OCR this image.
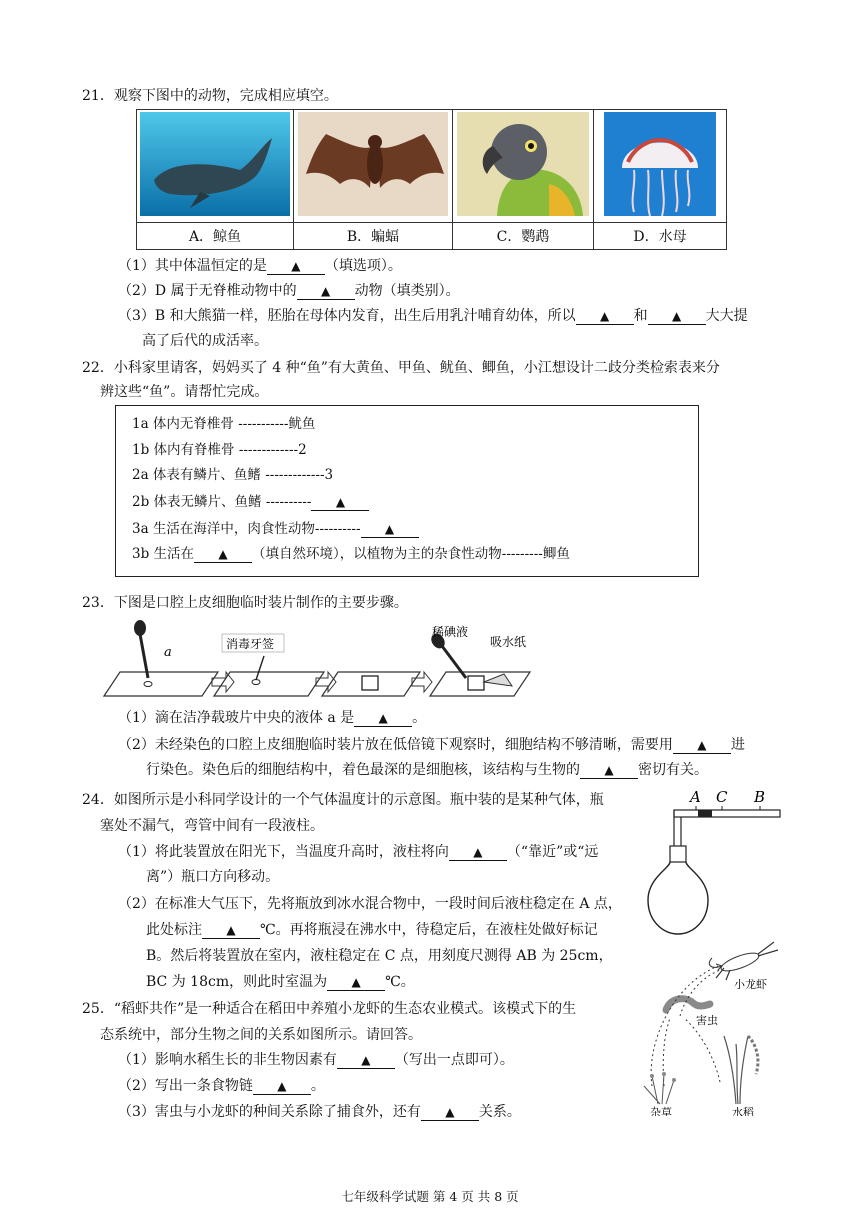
21．观察下图中的动物，完成相应填空。

A．鲸鱼	B．蝙蝠	C．鹦鹉	D．水母
（1）其中体温恒定的是 ▲ （填选项）。
（2）D 属于无脊椎动物中的 ▲ 动物（填类别）。
（3）B 和大熊猫一样，胚胎在母体内发育，出生后用乳汁哺育幼体，所以 ▲ 和 ▲ 大大提
高了后代的成活率。
22．小科家里请客，妈妈买了 4 种“鱼”有大黄鱼、甲鱼、鱿鱼、鲫鱼，小江想设计二歧分类检索表来分
辨这些“鱼”。请帮忙完成。
1a 体内无脊椎骨 -----------鱿鱼
1b 体内有脊椎骨 -------------2
2a 体表有鳞片、鱼鳍 -------------3
2b 体表无鳞片、鱼鳍 ---------- ▲
3a 生活在海洋中，肉食性动物---------- ▲
3b 生活在 ▲ （填自然环境），以植物为主的杂食性动物---------鲫鱼
23．下图是口腔上皮细胞临时装片制作的主要步骤。
a
消毒牙签
稀碘液
吸水纸
（1）滴在洁净载玻片中央的液体 a 是 ▲ 。
（2）未经染色的口腔上皮细胞临时装片放在低倍镜下观察时，细胞结构不够清晰，需要用 ▲ 进
行染色。染色后的细胞结构中，着色最深的是细胞核，该结构与生物的 ▲ 密切有关。
24．如图所示是小科同学设计的一个气体温度计的示意图。瓶中装的是某种气体，瓶
塞处不漏气，弯管中间有一段液柱。
A C B
（1）将此装置放在阳光下，当温度升高时，液柱将向 ▲ （“靠近”或“远
离”）瓶口方向移动。
（2）在标准大气压下，先将瓶放到冰水混合物中，一段时间后液柱稳定在 A 点，
此处标注 ▲ ℃。再将瓶浸在沸水中，待稳定后，在液柱处做好标记
B。然后将装置放在室内，液柱稳定在 C 点，用刻度尺测得 AB 为 25cm，
BC 为 18cm，则此时室温为 ▲ ℃。
25．“稻虾共作”是一种适合在稻田中养殖小龙虾的生态农业模式。该模式下的生
态系统中，部分生物之间的关系如图所示。请回答。
小龙虾
害虫
杂草	水稻
（1）影响水稻生长的非生物因素有 ▲ （写出一点即可）。
（2）写出一条食物链 ▲ 。
（3）害虫与小龙虾的种间关系除了捕食外，还有 ▲ 关系。
七年级科学试题 第 4 页 共 8 页
